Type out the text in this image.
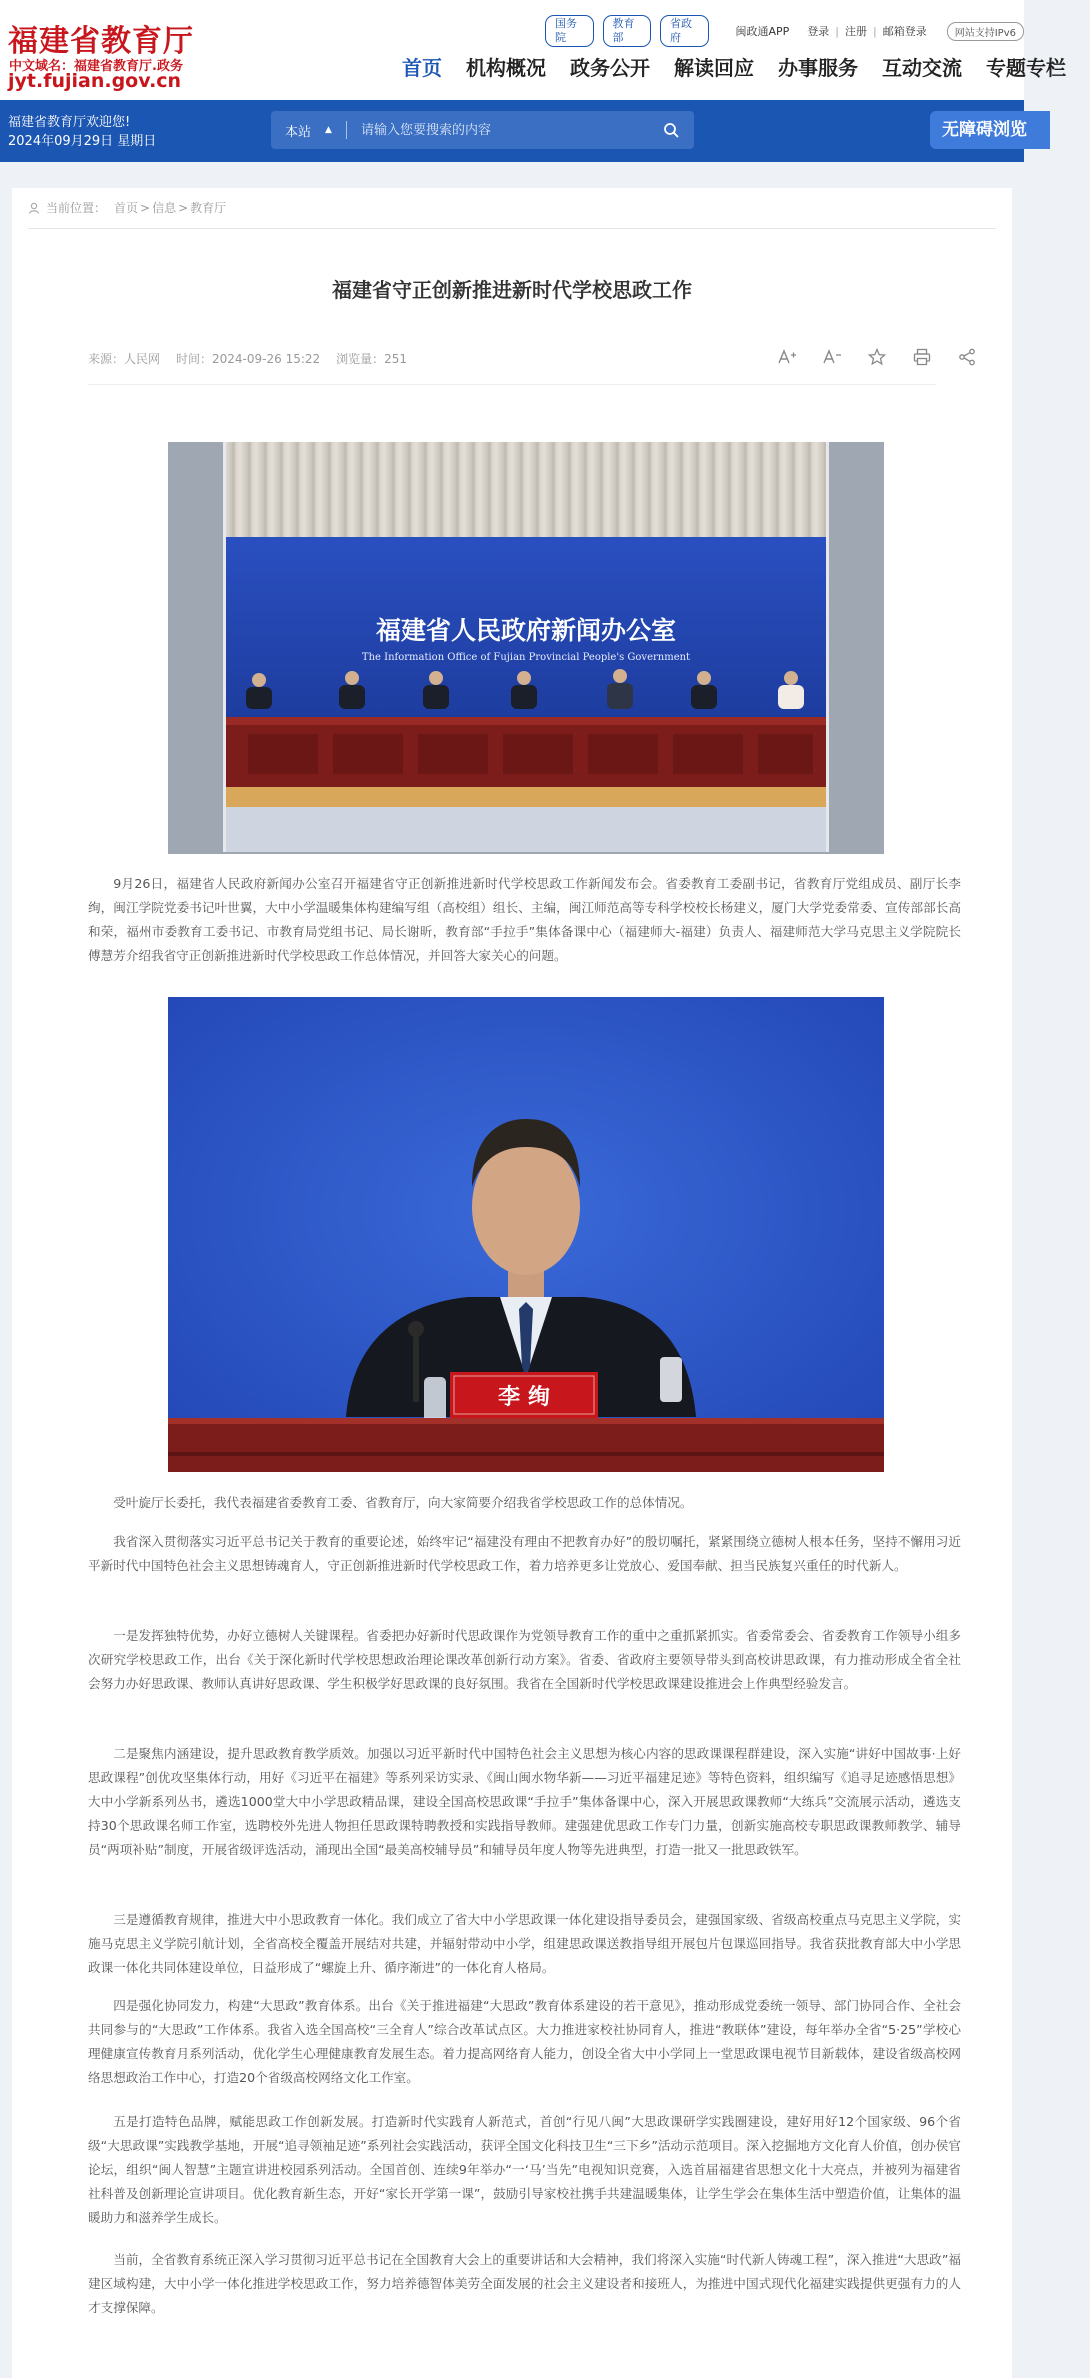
福建省教育厅
中文域名：福建省教育厅.政务
jyt.fujian.gov.cn
国务院
教育部
省政府	闽政通APP 登录 | 注册 | 邮箱登录	网站支持IPv6
首页 机构概况 政务公开 解读回应 办事服务 互动交流 专题专栏
福建省教育厅欢迎您!
2024年09月29日 星期日
本站 ▲︎
请输入您要搜索的内容	无障碍浏览
当前位置： 首页 > 信息 > 教育厅
福建省守正创新推进新时代学校思政工作
来源：人民网 时间：2024-09-26 15:22 浏览量：251
福建省人民政府新闻办公室
The Information Office of Fujian Provincial People's Government

9月26日，福建省人民政府新闻办公室召开福建省守正创新推进新时代学校思政工作新闻发布会。省委教育工委副书记，省教育厅党组成员、副厅长李绚，闽江学院党委书记叶世翼，大中小学温暖集体构建编写组（高校组）组长、主编，闽江师范高等专科学校校长杨建义，厦门大学党委常委、宣传部部长高和荣，福州市委教育工委书记、市教育局党组书记、局长谢昕，教育部“手拉手”集体备课中心（福建师大-福建）负责人、福建师范大学马克思主义学院院长傅慧芳介绍我省守正创新推进新时代学校思政工作总体情况，并回答大家关心的问题。

李 绚

受叶旋厅长委托，我代表福建省委教育工委、省教育厅，向大家简要介绍我省学校思政工作的总体情况。

我省深入贯彻落实习近平总书记关于教育的重要论述，始终牢记“福建没有理由不把教育办好”的殷切嘱托，紧紧围绕立德树人根本任务，坚持不懈用习近平新时代中国特色社会主义思想铸魂育人，守正创新推进新时代学校思政工作，着力培养更多让党放心、爱国奉献、担当民族复兴重任的时代新人。

一是发挥独特优势，办好立德树人关键课程。省委把办好新时代思政课作为党领导教育工作的重中之重抓紧抓实。省委常委会、省委教育工作领导小组多次研究学校思政工作，出台《关于深化新时代学校思想政治理论课改革创新行动方案》。省委、省政府主要领导带头到高校讲思政课，有力推动形成全省全社会努力办好思政课、教师认真讲好思政课、学生积极学好思政课的良好氛围。我省在全国新时代学校思政课建设推进会上作典型经验发言。

二是聚焦内涵建设，提升思政教育教学质效。加强以习近平新时代中国特色社会主义思想为核心内容的思政课课程群建设，深入实施“讲好中国故事·上好思政课程”创优攻坚集体行动，用好《习近平在福建》等系列采访实录、《闽山闽水物华新——习近平福建足迹》等特色资料，组织编写《追寻足迹感悟思想》大中小学新系列丛书，遴选1000堂大中小学思政精品课，建设全国高校思政课“手拉手”集体备课中心，深入开展思政课教师“大练兵”交流展示活动，遴选支持30个思政课名师工作室，选聘校外先进人物担任思政课特聘教授和实践指导教师。建强建优思政工作专门力量，创新实施高校专职思政课教师教学、辅导员“两项补贴”制度，开展省级评选活动，涌现出全国“最美高校辅导员”和辅导员年度人物等先进典型，打造一批又一批思政铁军。

三是遵循教育规律，推进大中小思政教育一体化。我们成立了省大中小学思政课一体化建设指导委员会，建强国家级、省级高校重点马克思主义学院，实施马克思主义学院引航计划，全省高校全覆盖开展结对共建，并辐射带动中小学，组建思政课送教指导组开展包片包课巡回指导。我省获批教育部大中小学思政课一体化共同体建设单位，日益形成了“螺旋上升、循序渐进”的一体化育人格局。

四是强化协同发力，构建“大思政”教育体系。出台《关于推进福建“大思政”教育体系建设的若干意见》，推动形成党委统一领导、部门协同合作、全社会共同参与的“大思政”工作体系。我省入选全国高校“三全育人”综合改革试点区。大力推进家校社协同育人，推进“教联体”建设，每年举办全省“5·25”学校心理健康宣传教育月系列活动，优化学生心理健康教育发展生态。着力提高网络育人能力，创设全省大中小学同上一堂思政课电视节目新载体，建设省级高校网络思想政治工作中心，打造20个省级高校网络文化工作室。

五是打造特色品牌，赋能思政工作创新发展。打造新时代实践育人新范式，首创“行见八闽”大思政课研学实践圈建设，建好用好12个国家级、96个省级“大思政课”实践教学基地，开展“追寻领袖足迹”系列社会实践活动，获评全国文化科技卫生“三下乡”活动示范项目。深入挖掘地方文化育人价值，创办侯官论坛，组织“闽人智慧”主题宣讲进校园系列活动。全国首创、连续9年举办“一‘马’当先”电视知识竞赛，入选首届福建省思想文化十大亮点，并被列为福建省社科普及创新理论宣讲项目。优化教育新生态，开好“家长开学第一课”，鼓励引导家校社携手共建温暖集体，让学生学会在集体生活中塑造价值，让集体的温暖助力和滋养学生成长。

当前，全省教育系统正深入学习贯彻习近平总书记在全国教育大会上的重要讲话和大会精神，我们将深入实施“时代新人铸魂工程”，深入推进“大思政”福建区域构建，大中小学一体化推进学校思政工作，努力培养德智体美劳全面发展的社会主义建设者和接班人，为推进中国式现代化福建实践提供更强有力的人才支撑保障。
